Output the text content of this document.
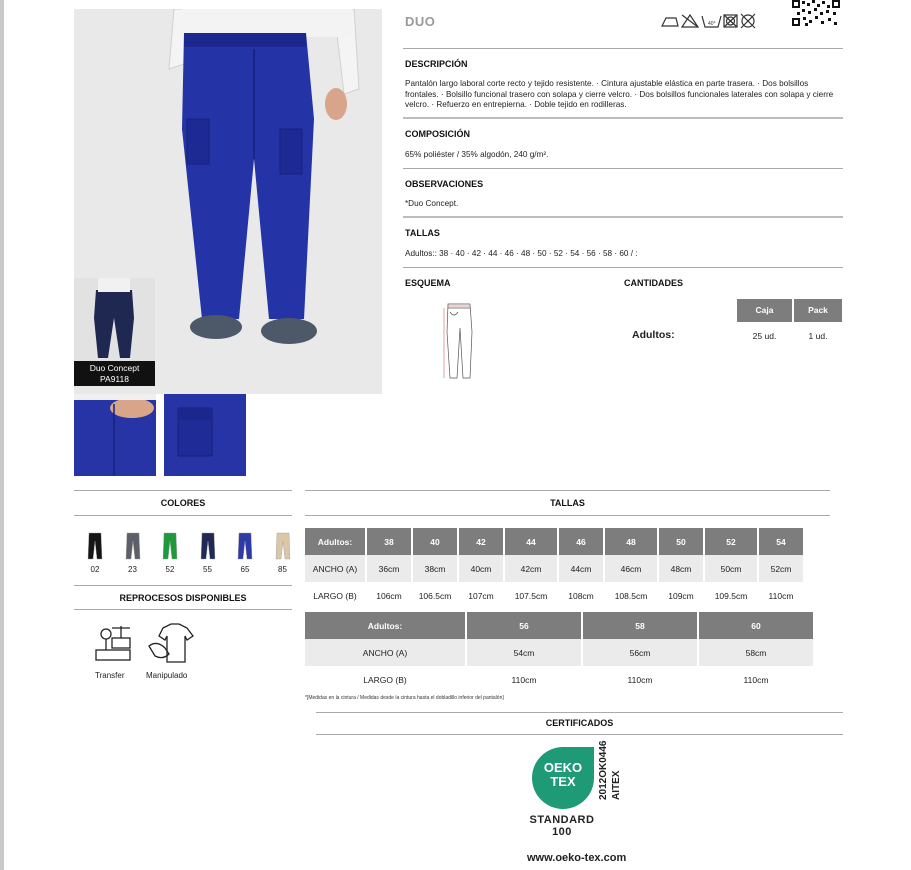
Duo Concept
PA9118
DUO	40°
DESCRIPCIÓN
Pantalón largo laboral corte recto y tejido resistente. · Cintura ajustable elástica en parte trasera. · Dos bolsillos frontales. · Bolsillo funcional trasero con solapa y cierre velcro. · Dos bolsillos funcionales laterales con solapa y cierre velcro. · Refuerzo en entrepierna. · Doble tejido en rodilleras.
COMPOSICIÓN
65% poliéster / 35% algodón, 240 g/m².
OBSERVACIONES
*Duo Concept.
TALLAS
Adultos:: 38 · 40 · 42 · 44 · 46 · 48 · 50 · 52 · 54 · 56 · 58 · 60 / :
ESQUEMA	CANTIDADES
Caja	Pack
Adultos:	25 ud.	1 ud.
COLORES
02	23	52	55	65	85
REPROCESOS DISPONIBLES
Transfer	Manipulado
TALLAS
Adultos:	38	40	42	44	46	48	50	52	54
ANCHO (A)	36cm	38cm	40cm	42cm	44cm	46cm	48cm	50cm	52cm
LARGO (B)	106cm	106.5cm	107cm	107.5cm	108cm	108.5cm	109cm	109.5cm	110cm
Adultos:	56	58	60
ANCHO (A)	54cm	56cm	58cm
LARGO (B)	110cm	110cm	110cm
*[Medidas en la cintura / Medidas desde la cintura hasta el dobladillo inferior del pantalón]
CERTIFICADOS
OEKO
TEX
STANDARD
100
2012OK0446 AITEX
www.oeko-tex.com
